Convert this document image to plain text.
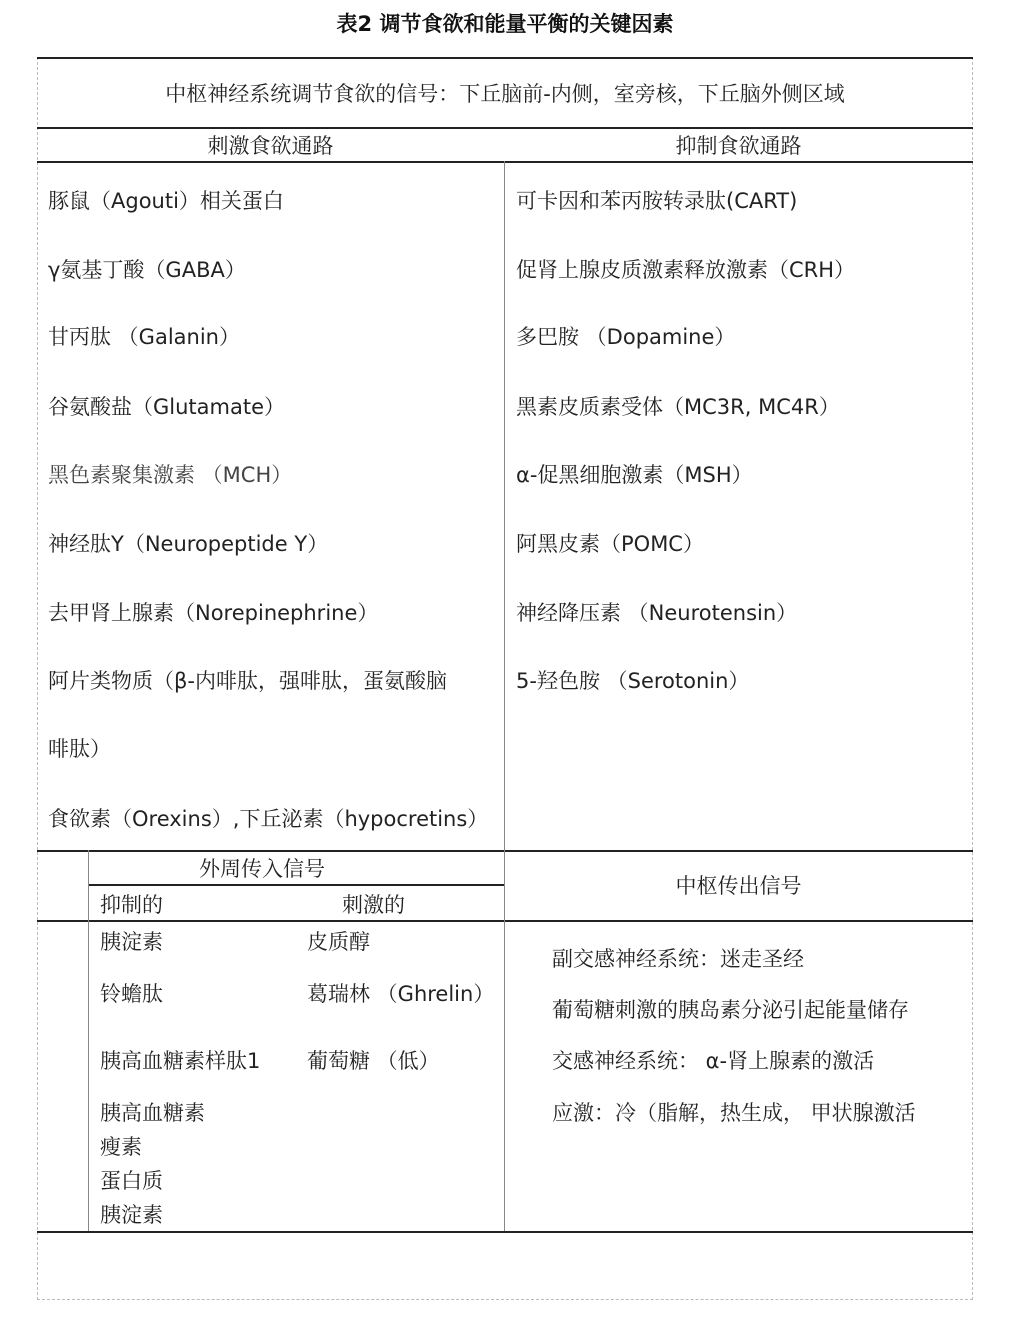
表2 调节食欲和能量平衡的关键因素
中枢神经系统调节食欲的信号：下丘脑前-内侧，室旁核，下丘脑外侧区域
刺激食欲通路	抑制食欲通路
豚鼠（Agouti）相关蛋白
γ氨基丁酸（GABA）
甘丙肽 （Galanin）
谷氨酸盐（Glutamate）
黑色素聚集激素 （MCH）
神经肽Y（Neuropeptide Y）
去甲肾上腺素（Norepinephrine）
阿片类物质（β-内啡肽，强啡肽，蛋氨酸脑
啡肽）
食欲素（Orexins）,下丘泌素（hypocretins）
可卡因和苯丙胺转录肽(CART)
促肾上腺皮质激素释放激素（CRH）
多巴胺 （Dopamine）
黑素皮质素受体（MC3R, MC4R）
α-促黑细胞激素（MSH）
阿黑皮素（POMC）
神经降压素 （Neurotensin）
5-羟色胺 （Serotonin）
外周传入信号
抑制的	刺激的
中枢传出信号
胰淀素
铃蟾肽
胰高血糖素样肽1
胰高血糖素
瘦素
蛋白质
胰淀素
皮质醇
葛瑞林 （Ghrelin）
葡萄糖 （低）
副交感神经系统：迷走圣经
葡萄糖刺激的胰岛素分泌引起能量储存
交感神经系统： α-肾上腺素的激活
应激：冷（脂解，热生成， 甲状腺激活
